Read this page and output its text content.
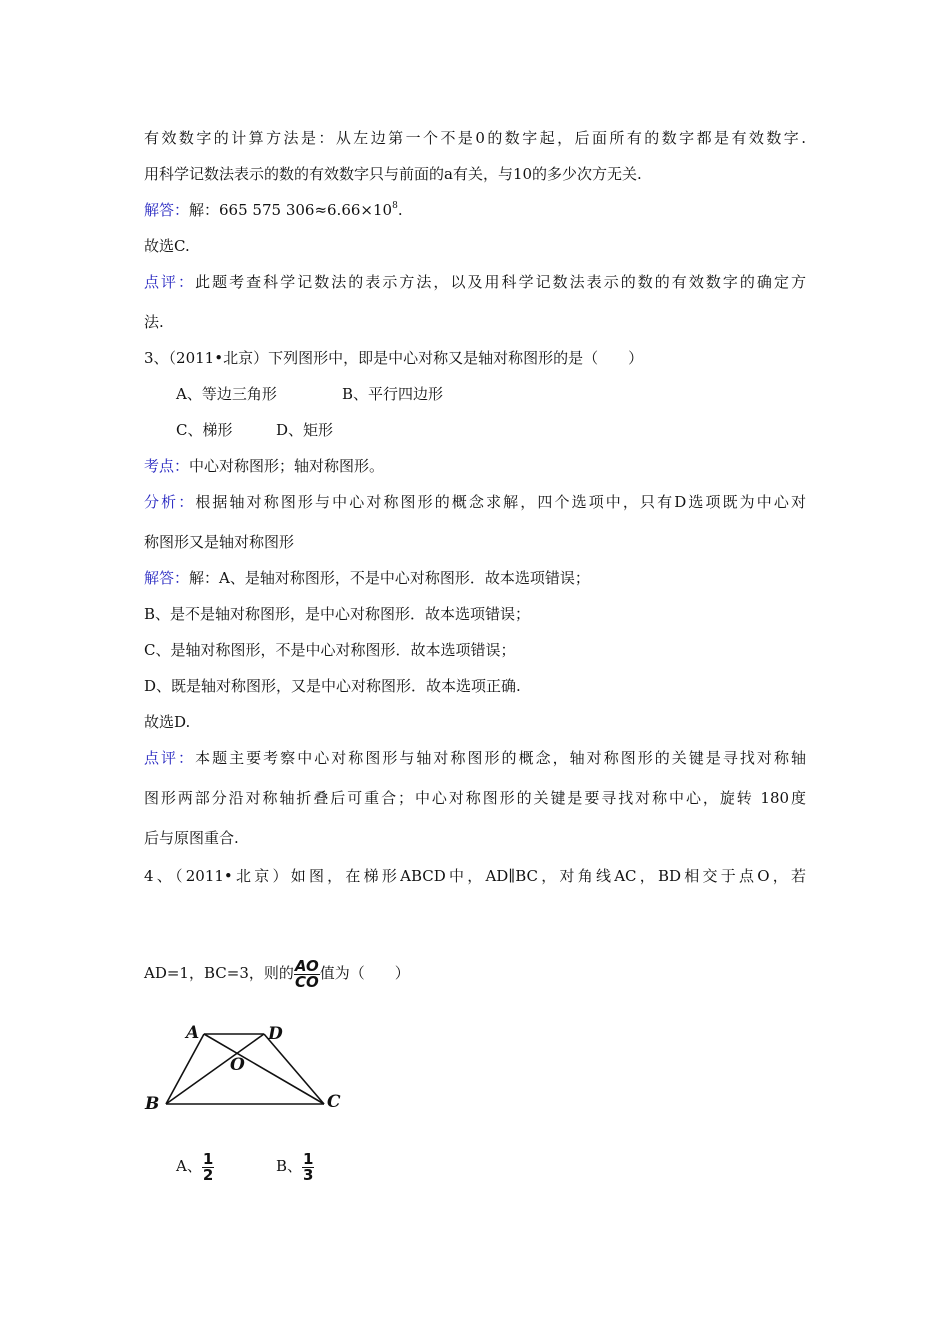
有效数字的计算方法是：从左边第一个不是0的数字起，后面所有的数字都是有效数字.
用科学记数法表示的数的有效数字只与前面的a有关，与10的多少次方无关.
解答：解：665 575 $306\approx 6.66\times 10^8$.
故选C.
点评：此题考查科学记数法的表示方法，以及用科学记数法表示的数的有效数字的确定方
法.
3、（2011•北京）下列图形中，即是中心对称又是轴对称图形的是（　　）
A、等边三角形	B、平行四边形
C、梯形	D、矩形
考点：中心对称图形；轴对称图形。
分析：根据轴对称图形与中心对称图形的概念求解，四个选项中，只有D选项既为中心对
称图形又是轴对称图形
解答：解：A、是轴对称图形，不是中心对称图形．故本选项错误；
B、是不是轴对称图形，是中心对称图形．故本选项错误；
C、是轴对称图形，不是中心对称图形．故本选项错误；
D、既是轴对称图形，又是中心对称图形．故本选项正确.
故选D.
点评：本题主要考察中心对称图形与轴对称图形的概念，轴对称图形的关键是寻找对称轴
图形两部分沿对称轴折叠后可重合；中心对称图形的关键是要寻找对称中心，旋转 180度
后与原图重合.
4、（2011•北京）如图，在梯形ABCD中，AD∥BC，对角线AC，BD相交于点O，若
AD=1，BC=3，则的 $\frac{AO}{CO}$ 值为（　　）
A	D
O
B	C
A、 $\frac{1}{2}$	B、 $\frac{1}{3}$
